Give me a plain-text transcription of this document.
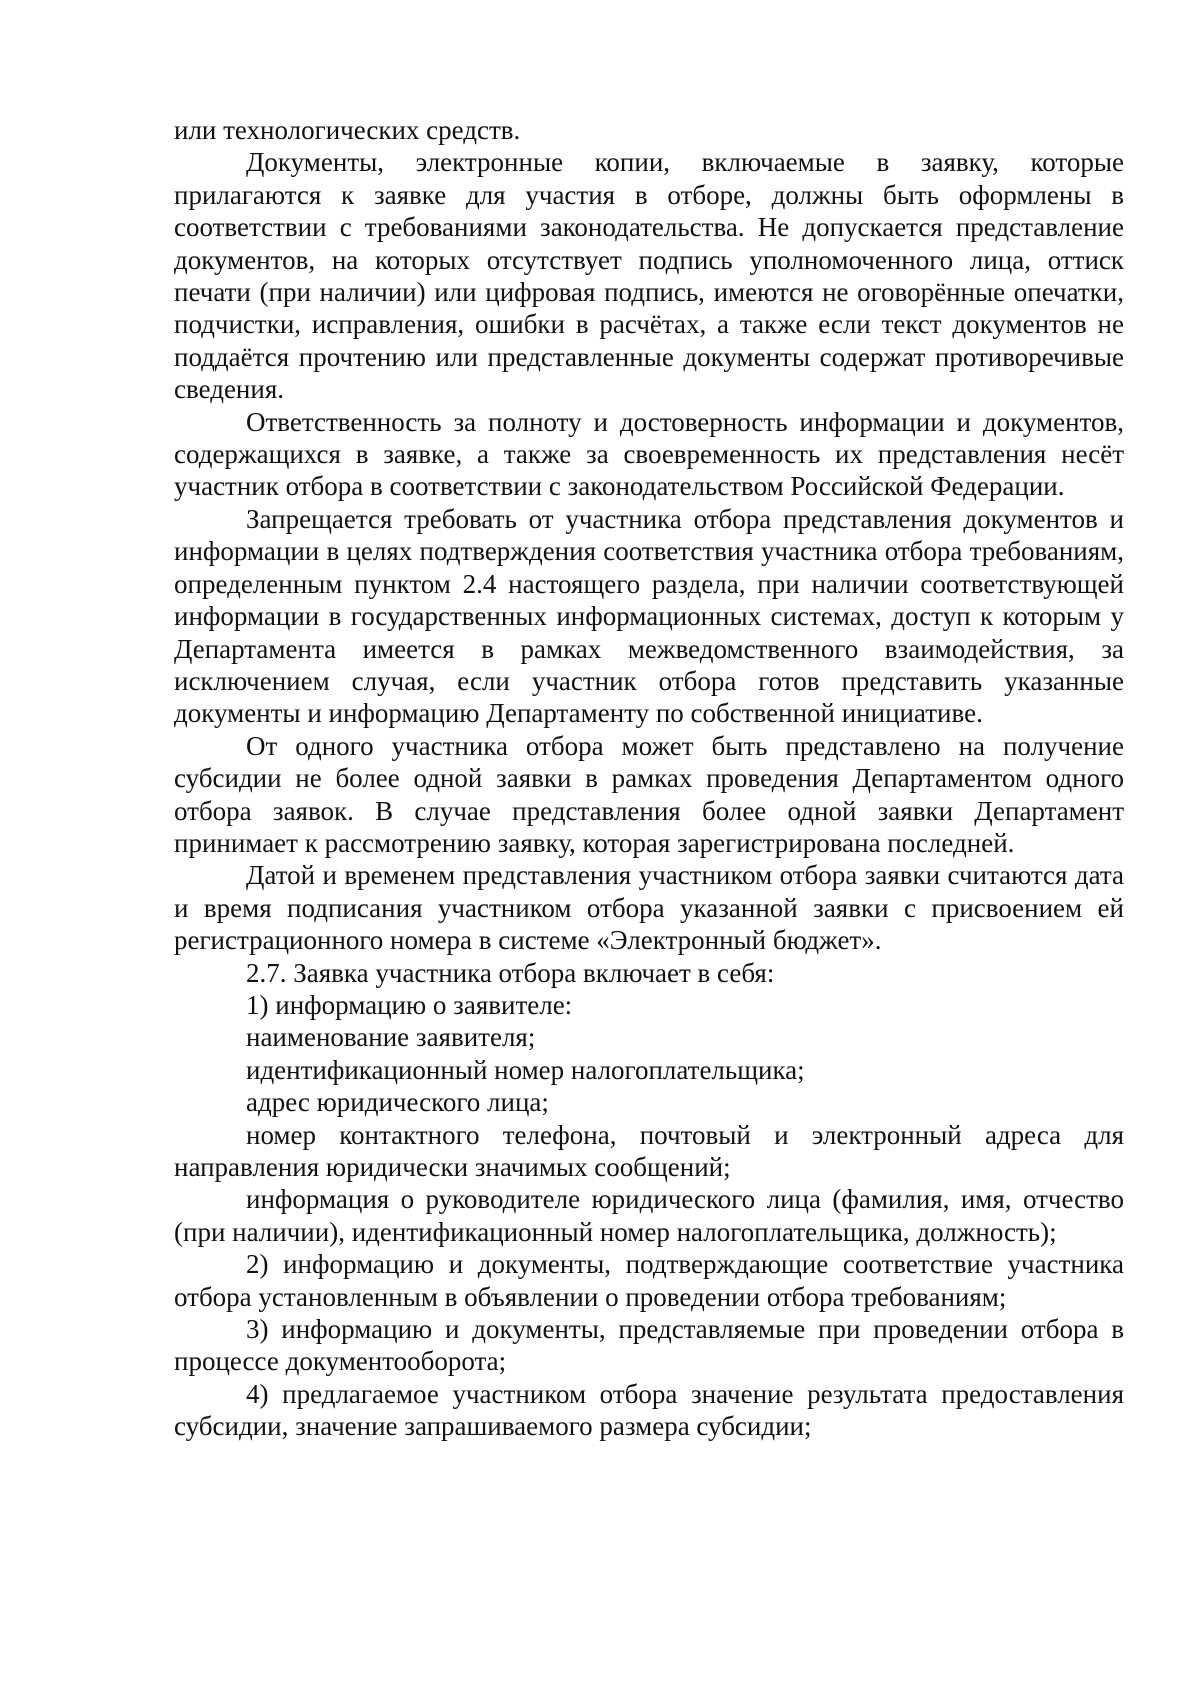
или технологических средств.

Документы, электронные копии, включаемые в заявку, которые прилагаются к заявке для участия в отборе, должны быть оформлены в соответствии с требованиями законодательства. Не допускается представление документов, на которых отсутствует подпись уполномоченного лица, оттиск печати (при наличии) или цифровая подпись, имеются не оговорённые опечатки, подчистки, исправления, ошибки в расчётах, а также если текст документов не поддаётся прочтению или представленные документы содержат противоречивые сведения.

Ответственность за полноту и достоверность информации и документов, содержащихся в заявке, а также за своевременность их представления несёт участник отбора в соответствии с законодательством Российской Федерации.

Запрещается требовать от участника отбора представления документов и информации в целях подтверждения соответствия участника отбора требованиям, определенным пунктом 2.4 настоящего раздела, при наличии соответствующей информации в государственных информационных системах, доступ к которым у Департамента имеется в рамках межведомственного взаимодействия, за исключением случая, если участник отбора готов представить указанные документы и информацию Департаменту по собственной инициативе.

От одного участника отбора может быть представлено на получение субсидии не более одной заявки в рамках проведения Департаментом одного отбора заявок. В случае представления более одной заявки Департамент принимает к рассмотрению заявку, которая зарегистрирована последней.

Датой и временем представления участником отбора заявки считаются дата и время подписания участником отбора указанной заявки с присвоением ей регистрационного номера в системе «Электронный бюджет».

2.7. Заявка участника отбора включает в себя:

1) информацию о заявителе:

наименование заявителя;

идентификационный номер налогоплательщика;

адрес юридического лица;

номер контактного телефона, почтовый и электронный адреса для направления юридически значимых сообщений;

информация о руководителе юридического лица (фамилия, имя, отчество (при наличии), идентификационный номер налогоплательщика, должность);

2) информацию и документы, подтверждающие соответствие участника отбора установленным в объявлении о проведении отбора требованиям;

3) информацию и документы, представляемые при проведении отбора в процессе документооборота;

4) предлагаемое участником отбора значение результата предоставления субсидии, значение запрашиваемого размера субсидии;
